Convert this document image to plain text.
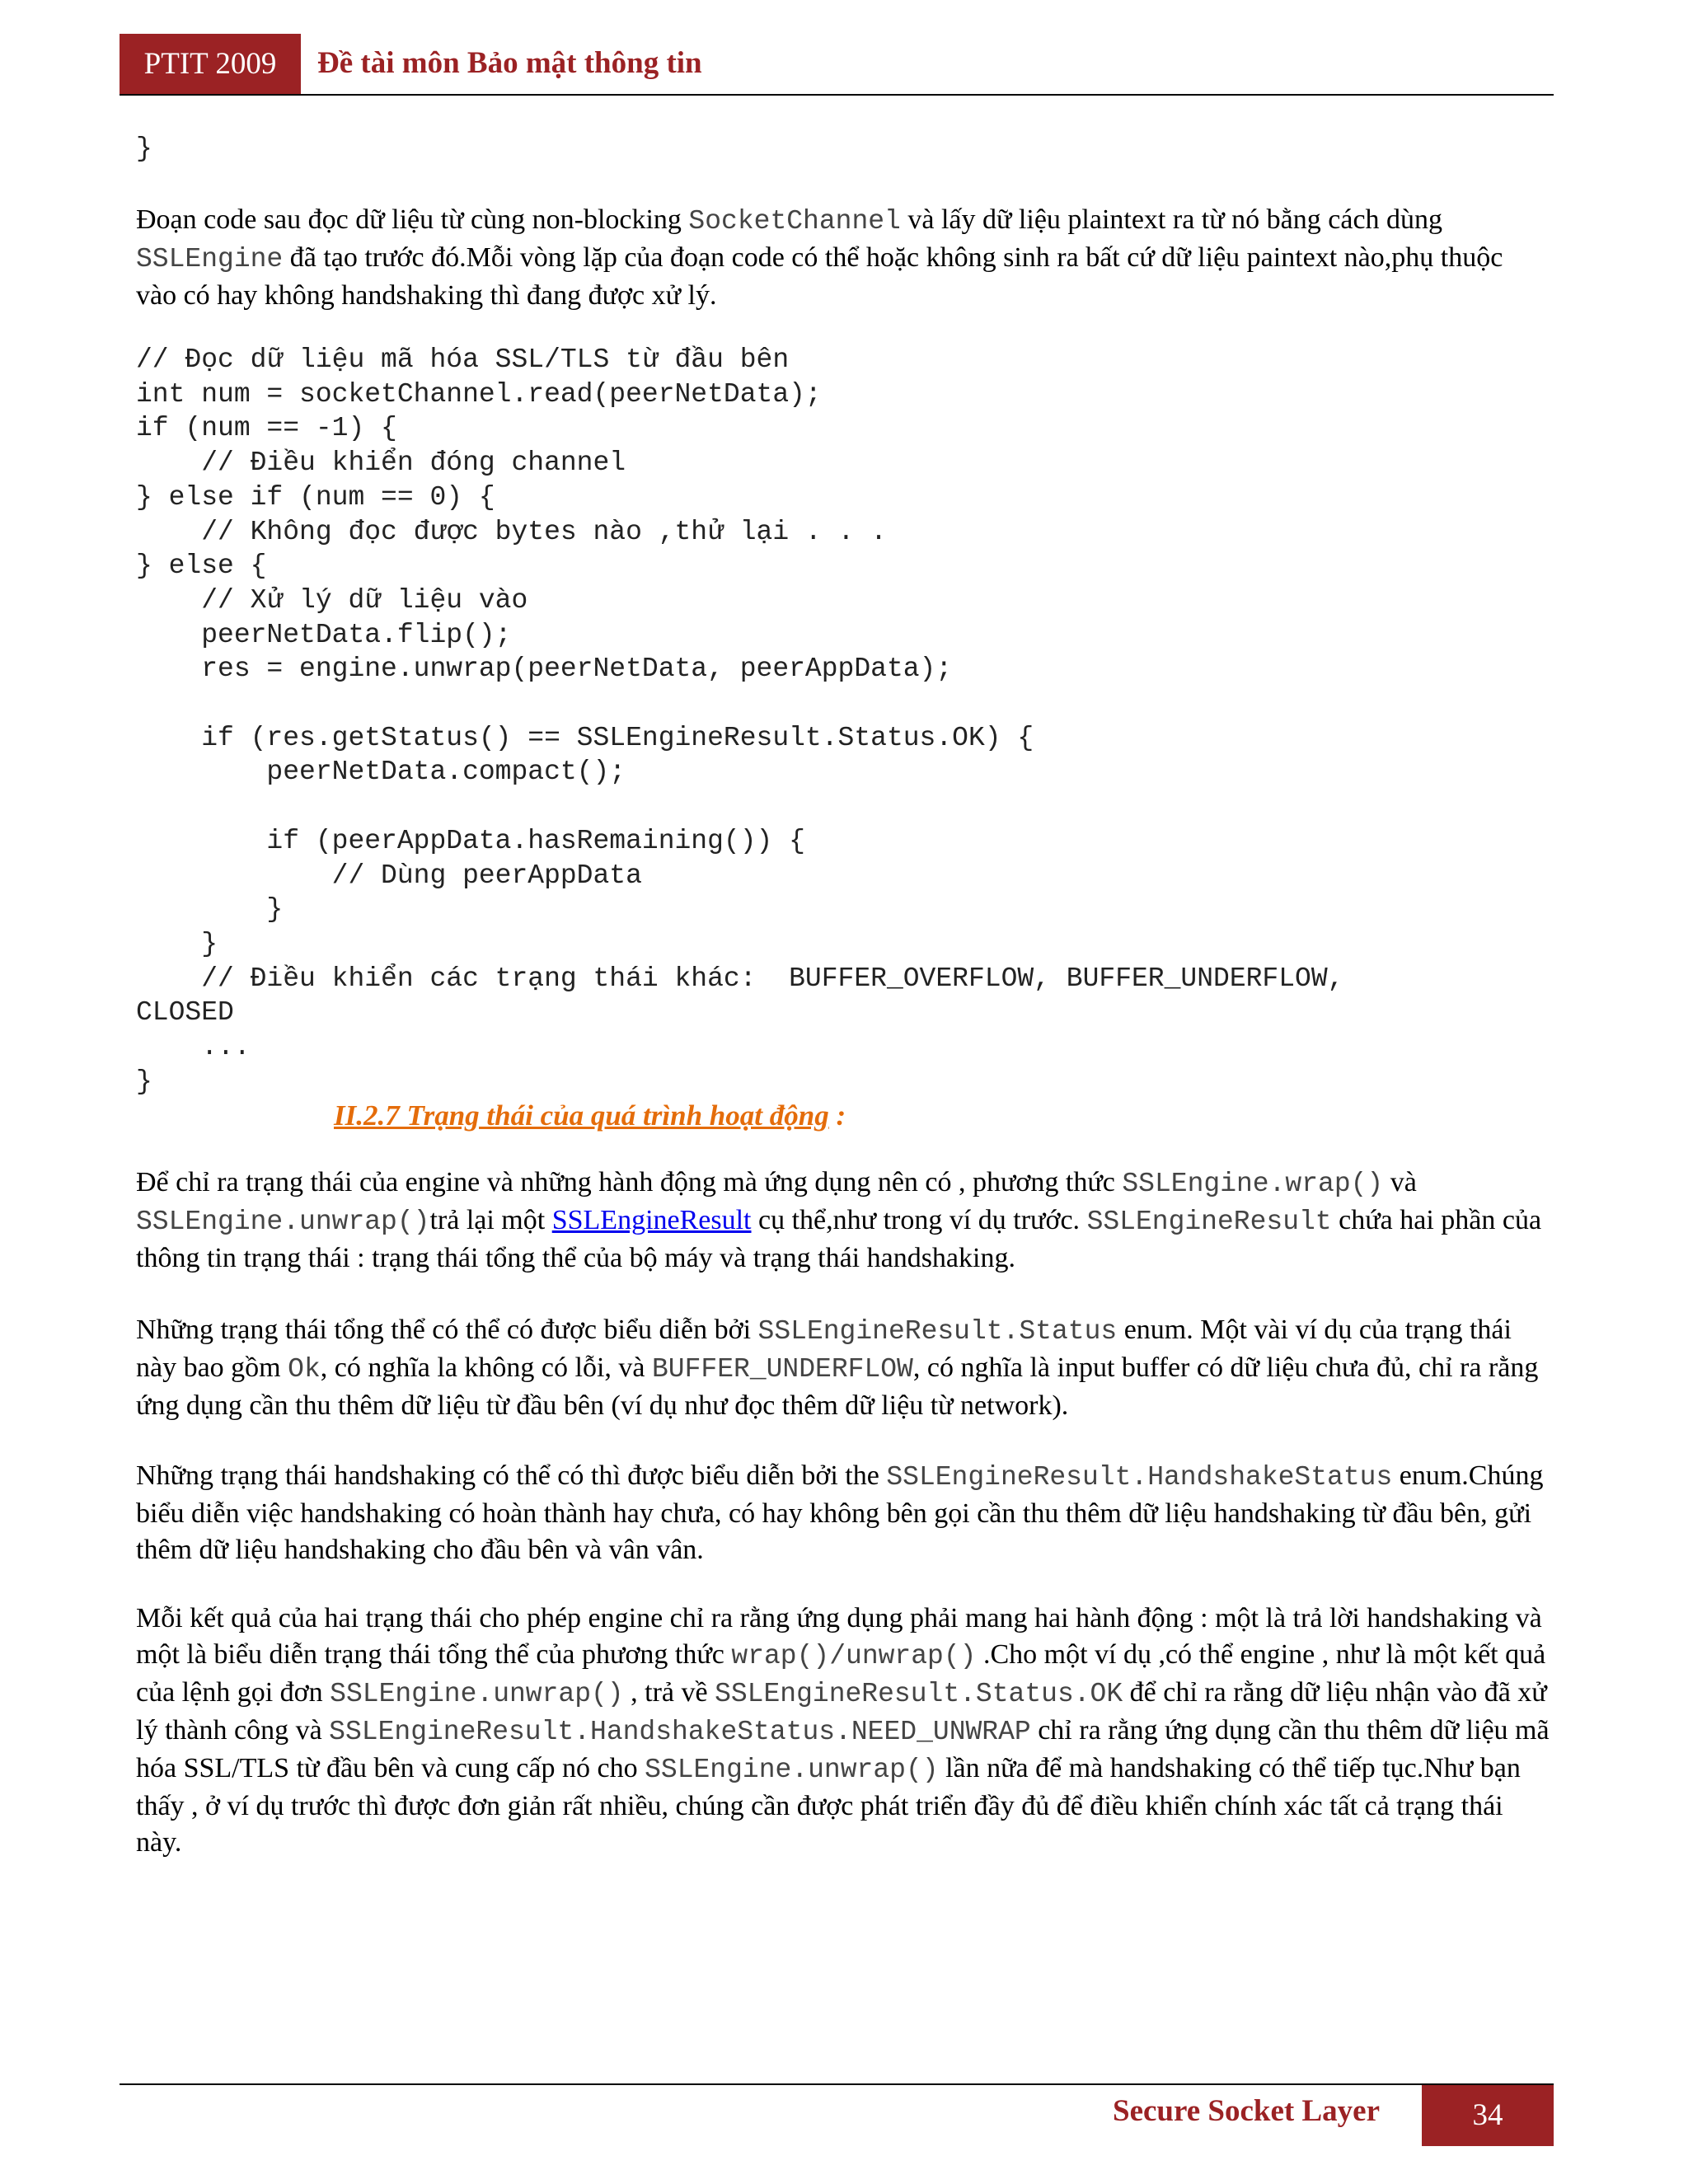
PTIT 2009	Đề tài môn Bảo mật thông tin
}
Đoạn code sau đọc dữ liệu từ cùng non-blocking SocketChannel và lấy dữ liệu plaintext ra từ nó bằng cách dùng SSLEngine đã tạo trước đó.Mỗi vòng lặp của đoạn code có thể hoặc không sinh ra bất cứ dữ liệu paintext nào,phụ thuộc vào có hay không handshaking thì đang được xử lý.
// Đọc dữ liệu mã hóa SSL/TLS từ đầu bên
int num = socketChannel.read(peerNetData);
if (num == -1) {
// Điều khiển đóng channel
} else if (num == 0) {
// Không đọc được bytes nào ,thử lại . . .
} else {
// Xử lý dữ liệu vào
peerNetData.flip();
res = engine.unwrap(peerNetData, peerAppData);

if (res.getStatus() == SSLEngineResult.Status.OK) {
peerNetData.compact();

if (peerAppData.hasRemaining()) {
// Dùng peerAppData
}
}
// Điều khiển các trạng thái khác:  BUFFER_OVERFLOW, BUFFER_UNDERFLOW,
CLOSED
...
}
II.2.7 Trạng thái của quá trình hoạt động :
Để chỉ ra trạng thái của engine và những hành động mà ứng dụng nên có , phương thức SSLEngine.wrap() và SSLEngine.unwrap()trả lại một SSLEngineResult cụ thể,như trong ví dụ trước. SSLEngineResult chứa hai phần của thông tin trạng thái : trạng thái tổng thể của bộ máy và trạng thái handshaking.
Những trạng thái tổng thể có thể có được biểu diễn bởi SSLEngineResult.Status enum. Một vài ví dụ của trạng thái này bao gồm Ok, có nghĩa la không có lỗi, và BUFFER_UNDERFLOW, có nghĩa là input buffer có dữ liệu chưa đủ, chỉ ra rằng ứng dụng cần thu thêm dữ liệu từ đầu bên (ví dụ như đọc thêm dữ liệu từ network).
Những trạng thái handshaking có thể có thì được biểu diễn bởi the SSLEngineResult.HandshakeStatus enum.Chúng biểu diễn việc handshaking có hoàn thành hay chưa, có hay không bên gọi cần thu thêm dữ liệu handshaking từ đầu bên, gửi thêm dữ liệu handshaking cho đầu bên và vân vân.
Mỗi kết quả của hai trạng thái cho phép engine chỉ ra rằng ứng dụng phải mang hai hành động : một là trả lời handshaking và một là biểu diễn trạng thái tổng thể của phương thức wrap()/unwrap() .Cho một ví dụ ,có thể engine , như là một kết quả của lệnh gọi đơn SSLEngine.unwrap() , trả về SSLEngineResult.Status.OK để chỉ ra rằng dữ liệu nhận vào đã xử lý thành công và SSLEngineResult.HandshakeStatus.NEED_UNWRAP chỉ ra rằng ứng dụng cần thu thêm dữ liệu mã hóa SSL/TLS từ đầu bên và cung cấp nó cho SSLEngine.unwrap() lần nữa để mà handshaking có thể tiếp tục.Như bạn thấy , ở ví dụ trước thì được đơn giản rất nhiều, chúng cần được phát triển đầy đủ để điều khiển chính xác tất cả trạng thái này.
Secure Socket Layer	34
